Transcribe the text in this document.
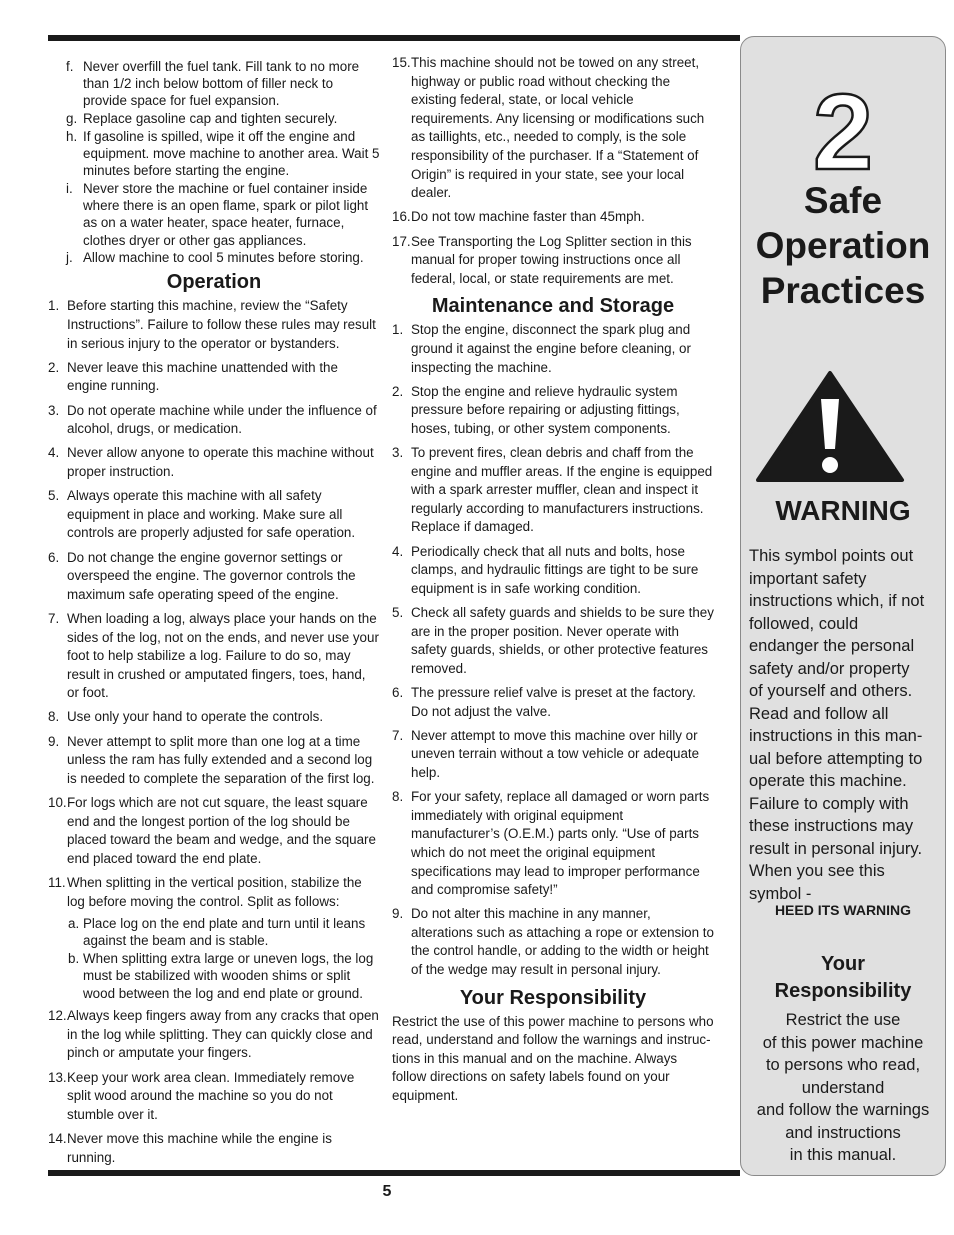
f. Never overfill the fuel tank. Fill tank to no more than 1/2 inch below bottom of filler neck to provide space for fuel expansion.
g. Replace gasoline cap and tighten securely.
h. If gasoline is spilled, wipe it off the engine and equipment. move machine to another area. Wait 5 minutes before starting the engine.
i. Never store the machine or fuel container inside where there is an open flame, spark or pilot light as on a water heater, space heater, furnace, clothes dryer or other gas appliances.
j. Allow machine to cool 5 minutes before storing.
Operation
1. Before starting this machine, review the “Safety Instructions”. Failure to follow these rules may result in serious injury to the operator or bystanders.
2. Never leave this machine unattended with the engine running.
3. Do not operate machine while under the influence of alcohol, drugs, or medication.
4. Never allow anyone to operate this machine without proper instruction.
5. Always operate this machine with all safety equipment in place and working. Make sure all controls are properly adjusted for safe operation.
6. Do not change the engine governor settings or overspeed the engine. The governor controls the maximum safe operating speed of the engine.
7. When loading a log, always place your hands on the sides of the log, not on the ends, and never use your foot to help stabilize a log. Failure to do so, may result in crushed or amputated fingers, toes, hand, or foot.
8. Use only your hand to operate the controls.
9. Never attempt to split more than one log at a time unless the ram has fully extended and a second log is needed to complete the separation of the first log.
10. For logs which are not cut square, the least square end and the longest portion of the log should be placed toward the beam and wedge, and the square end placed toward the end plate.
11. When splitting in the vertical position, stabilize the log before moving the control. Split as follows:
a. Place log on the end plate and turn until it leans against the beam and is stable.
b. When splitting extra large or uneven logs, the log must be stabilized with wooden shims or split wood between the log and end plate or ground.
12. Always keep fingers away from any cracks that open in the log while splitting. They can quickly close and pinch or amputate your fingers.
13. Keep your work area clean. Immediately remove split wood around the machine so you do not stumble over it.
14. Never move this machine while the engine is running.
15. This machine should not be towed on any street, highway or public road without checking the existing federal, state, or local vehicle requirements. Any licensing or modifications such as taillights, etc., needed to comply, is the sole responsibility of the purchaser. If a “Statement of Origin” is required in your state, see your local dealer.
16. Do not tow machine faster than 45mph.
17. See Transporting the Log Splitter section in this manual for proper towing instructions once all federal, local, or state requirements are met.
Maintenance and Storage
1. Stop the engine, disconnect the spark plug and ground it against the engine before cleaning, or inspecting the machine.
2. Stop the engine and relieve hydraulic system pressure before repairing or adjusting fittings, hoses, tubing, or other system components.
3. To prevent fires, clean debris and chaff from the engine and muffler areas. If the engine is equipped with a spark arrester muffler, clean and inspect it regularly according to manufacturers instructions. Replace if damaged.
4. Periodically check that all nuts and bolts, hose clamps, and hydraulic fittings are tight to be sure equipment is in safe working condition.
5. Check all safety guards and shields to be sure they are in the proper position. Never operate with safety guards, shields, or other protective features removed.
6. The pressure relief valve is preset at the factory. Do not adjust the valve.
7. Never attempt to move this machine over hilly or uneven terrain without a tow vehicle or adequate help.
8. For your safety, replace all damaged or worn parts immediately with original equipment manufacturer’s (O.E.M.) parts only. “Use of parts which do not meet the original equipment specifications may lead to improper performance and compromise safety!”
9. Do not alter this machine in any manner, alterations such as attaching a rope or extension to the control handle, or adding to the width or height of the wedge may result in personal injury.
Your Responsibility

Restrict the use of this power machine to persons who read, understand and follow the warnings and instruc-tions in this manual and on the machine. Always follow directions on safety labels found on your equipment.

2
Safe
Operation
Practices
WARNING
This symbol points out important safety instructions which, if not followed, could endanger the personal safety and/or property of yourself and others. Read and follow all instructions in this man-ual before attempting to operate this machine. Failure to comply with these instructions may result in personal injury. When you see this symbol -
HEED ITS WARNING
Your
Responsibility
Restrict the use
of this power machine
to persons who read,
understand
and follow the warnings
and instructions
in this manual.
5
